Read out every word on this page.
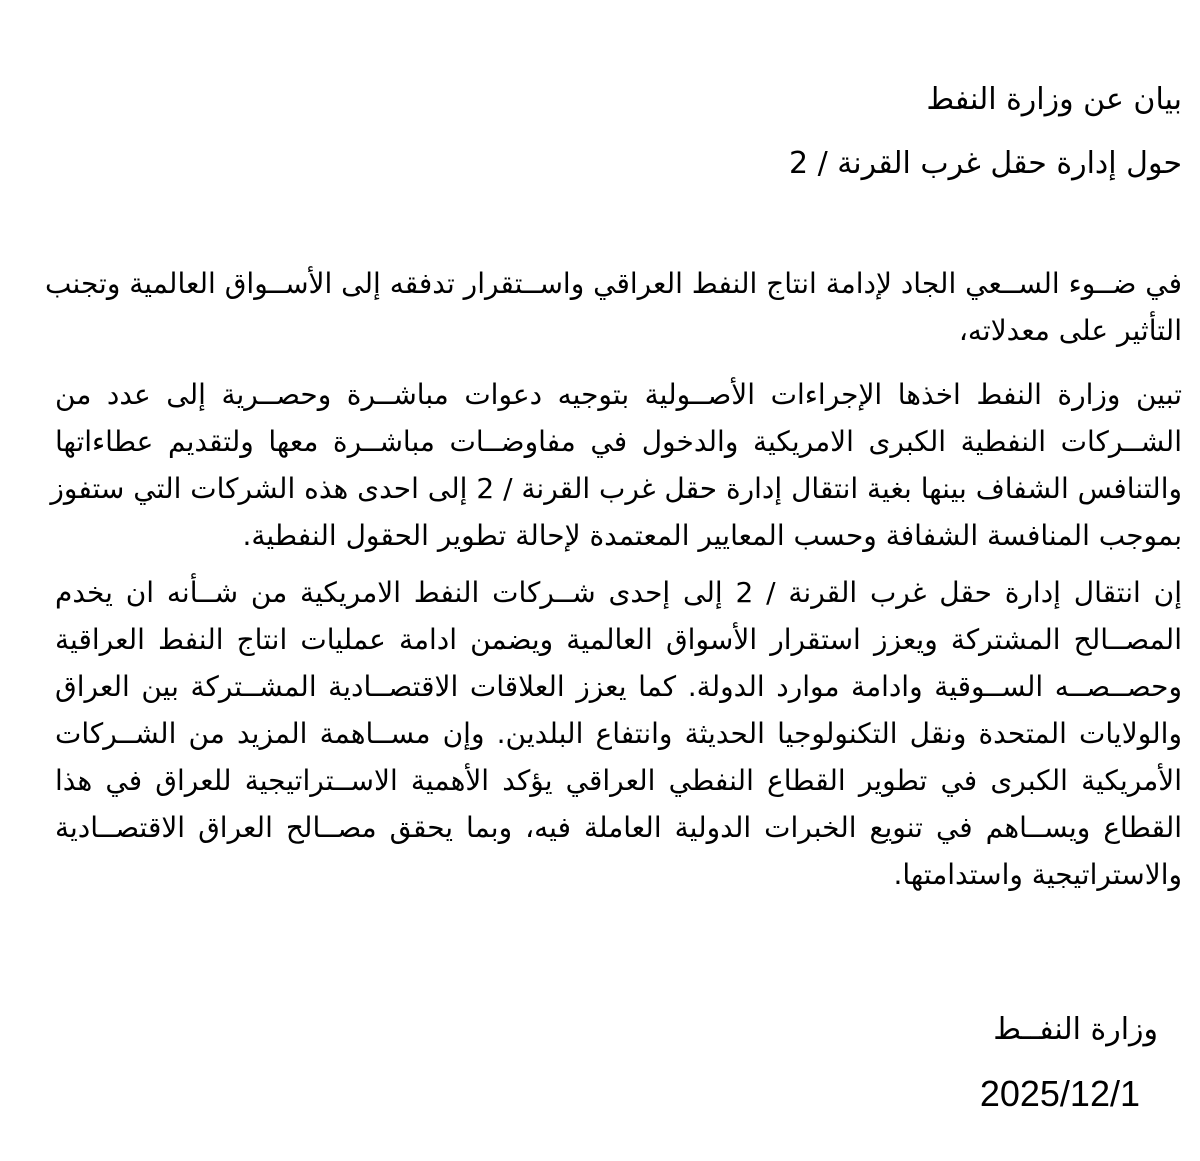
بيان عن وزارة النفط
حول إدارة حقل غرب القرنة / 2
في ضــوء الســعي الجاد لإدامة انتاج النفط العراقي واســتقرار تدفقه إلى الأســواق العالمية وتجنب
التأثير على معدلاته،
تبين وزارة النفط اخذها الإجراءات الأصــولية بتوجيه دعوات مباشــرة وحصــرية إلى عدد من
الشــركات النفطية الكبرى الامريكية والدخول في مفاوضــات مباشــرة معها ولتقديم عطاءاتها
والتنافس الشفاف بينها بغية انتقال إدارة حقل غرب القرنة / 2 إلى احدى هذه الشركات التي ستفوز
بموجب المنافسة الشفافة وحسب المعايير المعتمدة لإحالة تطوير الحقول النفطية.
إن انتقال إدارة حقل غرب القرنة / 2 إلى إحدى شــركات النفط الامريكية من شــأنه ان يخدم
المصــالح المشتركة ويعزز استقرار الأسواق العالمية ويضمن ادامة عمليات انتاج النفط العراقية
وحصــصــه الســوقية وادامة موارد الدولة. كما يعزز العلاقات الاقتصــادية المشــتركة بين العراق
والولايات المتحدة ونقل التكنولوجيا الحديثة وانتفاع البلدين. وإن مســاهمة المزيد من الشــركات
الأمريكية الكبرى في تطوير القطاع النفطي العراقي يؤكد الأهمية الاســتراتيجية للعراق في هذا
القطاع ويســاهم في تنويع الخبرات الدولية العاملة فيه، وبما يحقق مصــالح العراق الاقتصــادية
والاستراتيجية واستدامتها.
وزارة النفــط
2025/12/1
